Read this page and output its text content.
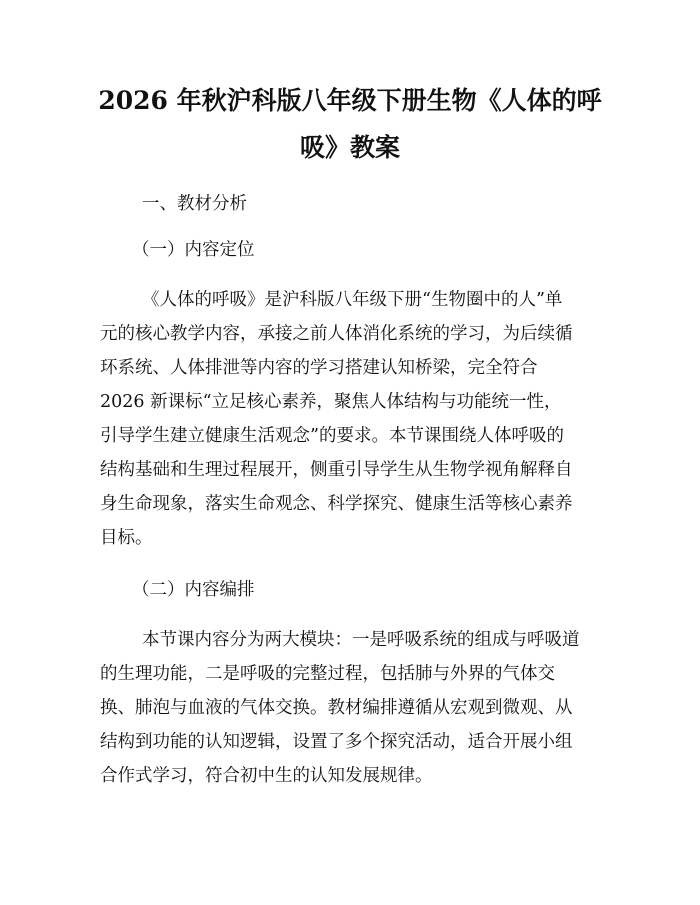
2026 年秋沪科版八年级下册生物《人体的呼
吸》教案

一、教材分析

（一）内容定位

《人体的呼吸》是沪科版八年级下册“生物圈中的人”单

元的核心教学内容，承接之前人体消化系统的学习，为后续循

环系统、人体排泄等内容的学习搭建认知桥梁，完全符合

2026 新课标“立足核心素养，聚焦人体结构与功能统一性，

引导学生建立健康生活观念”的要求。本节课围绕人体呼吸的

结构基础和生理过程展开，侧重引导学生从生物学视角解释自

身生命现象，落实生命观念、科学探究、健康生活等核心素养

目标。

（二）内容编排

本节课内容分为两大模块：一是呼吸系统的组成与呼吸道

的生理功能，二是呼吸的完整过程，包括肺与外界的气体交

换、肺泡与血液的气体交换。教材编排遵循从宏观到微观、从

结构到功能的认知逻辑，设置了多个探究活动，适合开展小组

合作式学习，符合初中生的认知发展规律。
